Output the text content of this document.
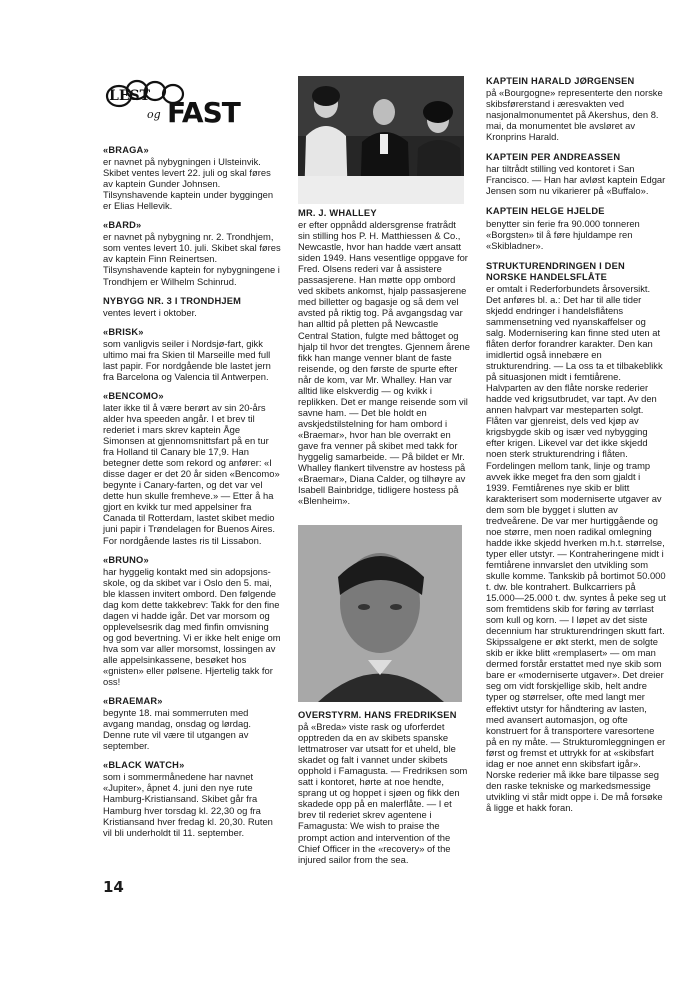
LEST
og FAST

«BRAGA»

er navnet på nybygningen i Ulsteinvik. Skibet ventes levert 22. juli og skal føres av kaptein Gunder Johnsen. Tilsynshavende kaptein under byggingen er Elias Hellevik.

«BARD»

er navnet på nybygning nr. 2. Trondhjem, som ventes levert 10. juli. Skibet skal føres av kaptein Finn Reinertsen. Tilsynshavende kaptein for nybygningene i Trondhjem er Wilhelm Schinrud.

NYBYGG NR. 3 I TRONDHJEM

ventes levert i oktober.

«BRISK»

som vanligvis seiler i Nordsjø-fart, gikk ultimo mai fra Skien til Marseille med full last papir. For nordgående ble lastet jern fra Barcelona og Valencia til Antwerpen.

«BENCOMO»

later ikke til å være berørt av sin 20-års alder hva speeden angår. I et brev til rederiet i mars skrev kaptein Åge Simonsen at gjennomsnittsfart på en tur fra Holland til Canary ble 17,9. Han betegner dette som rekord og anfører: «I disse dager er det 20 år siden «Bencomo» begynte i Canary-farten, og det var vel dette hun skulle fremheve.» — Etter å ha gjort en kvikk tur med appelsiner fra Canada til Rotterdam, lastet skibet medio juni papir i Trøndelagen for Buenos Aires. For nordgående lastes ris til Lissabon.

«BRUNO»

har hyggelig kontakt med sin adopsjons-skole, og da skibet var i Oslo den 5. mai, ble klassen invitert ombord. Den følgende dag kom dette takkebrev: Takk for den fine dagen vi hadde igår. Det var morsom og opplevelsesrik dag med finfin omvisning og god bevertning. Vi er ikke helt enige om hva som var aller morsomst, lossingen av alle appelsinkassene, besøket hos «gnisten» eller pølsene. Hjertelig takk for oss!

«BRAEMAR»

begynte 18. mai sommerruten med avgang mandag, onsdag og lørdag. Denne rute vil være til utgangen av september.

«BLACK WATCH»

som i sommermånedene har navnet «Jupiter», åpnet 4. juni den nye rute Hamburg-Kristiansand. Skibet går fra Hamburg hver torsdag kl. 22,30 og fra Kristiansand hver fredag kl. 20,30. Ruten vil bli underholdt til 11. september.

MR. J. WHALLEY

er efter oppnådd aldersgrense fratrådt sin stilling hos P. H. Matthiessen & Co., Newcastle, hvor han hadde vært ansatt siden 1949. Hans vesentlige oppgave for Fred. Olsens rederi var å assistere passasjerene. Han møtte opp ombord ved skibets ankomst, hjalp passasjerene med billetter og bagasje og så dem vel avsted på riktig tog. På avgangsdag var han alltid på pletten på Newcastle Central Station, fulgte med båttoget og hjalp til hvor det trengtes. Gjennem årene fikk han mange venner blant de faste reisende, og den første de spurte efter når de kom, var Mr. Whalley. Han var alltid like elskverdig — og kvikk i replikken. Det er mange reisende som vil savne ham. — Det ble holdt en avskjedstilstelning for ham ombord i «Braemar», hvor han ble overrakt en gave fra venner på skibet med takk for hyggelig samarbeide. — På bildet er Mr. Whalley flankert tilvenstre av hostess på «Braemar», Diana Calder, og tilhøyre av Isabell Bainbridge, tidligere hostess på «Blenheim».

OVERSTYRM. HANS FREDRIKSEN

på «Breda» viste rask og uforferdet opptreden da en av skibets spanske lettmatroser var utsatt for et uheld, ble skadet og falt i vannet under skibets opphold i Famagusta. — Fredriksen som satt i kontoret, hørte at noe hendte, sprang ut og hoppet i sjøen og fikk den skadede opp på en malerflåte. — I et brev til rederiet skrev agentene i Famagusta: We wish to praise the prompt action and intervention of the Chief Officer in the «recovery» of the injured sailor from the sea.

KAPTEIN HARALD JØRGENSEN

på «Bourgogne» representerte den norske skibsførerstand i æresvakten ved nasjonalmonumentet på Akershus, den 8. mai, da monumentet ble avsløret av Kronprins Harald.

KAPTEIN PER ANDREASSEN

har tiltrådt stilling ved kontoret i San Francisco. — Han har avløst kaptein Edgar Jensen som nu vikarierer på «Buffalo».

KAPTEIN HELGE HJELDE

benytter sin ferie fra 90.000 tonneren «Borgsten» til å føre hjuldampe ren «Skibladner».

STRUKTURENDRINGEN I DEN NORSKE HANDELSFLÅTE

er omtalt i Rederforbundets årsoversikt. Det anføres bl. a.: Det har til alle tider skjedd endringer i handelsflåtens sammensetning ved nyanskaffelser og salg. Modernisering kan finne sted uten at flåten derfor forandrer karakter. Den kan imidlertid også innebære en strukturendring. — La oss ta et tilbakeblikk på situasjonen midt i femtiårene. Halvparten av den flåte norske rederier hadde ved krigsutbrudet, var tapt. Av den annen halvpart var mesteparten solgt. Flåten var gjenreist, dels ved kjøp av krigsbygde skib og især ved nybygging efter krigen. Likevel var det ikke skjedd noen sterk strukturendring i flåten. Fordelingen mellom tank, linje og tramp avvek ikke meget fra den som gjaldt i 1939. Femtiårenes nye skib er blitt karakterisert som moderniserte utgaver av dem som ble bygget i slutten av tredveårene. De var mer hurtiggående og noe større, men noen radikal omlegning hadde ikke skjedd hverken m.h.t. størrelse, typer eller utstyr. — Kontraheringene midt i femtiårene innvarslet den utvikling som skulle komme. Tankskib på bortimot 50.000 t. dw. ble kontrahert. Bulkcarriers på 15.000—25.000 t. dw. syntes å peke seg ut som fremtidens skib for føring av tørrlast som kull og korn. — I løpet av det siste decennium har strukturendringen skutt fart. Skipssalgene er økt sterkt, men de solgte skib er ikke blitt «remplasert» — om man dermed forstår erstattet med nye skib som bare er «moderniserte utgaver». Det dreier seg om vidt forskjellige skib, helt andre typer og størrelser, ofte med langt mer effektivt utstyr for håndtering av lasten, med avansert automasjon, og ofte konstruert for å transportere varesortene på en ny måte. — Strukturomleggningen er først og fremst et uttrykk for at «skibsfart idag er noe annet enn skibsfart igår». Norske rederier må ikke bare tilpasse seg den raske tekniske og markedsmessige utvikling vi står midt oppe i. De må forsøke å ligge et hakk foran.

14
